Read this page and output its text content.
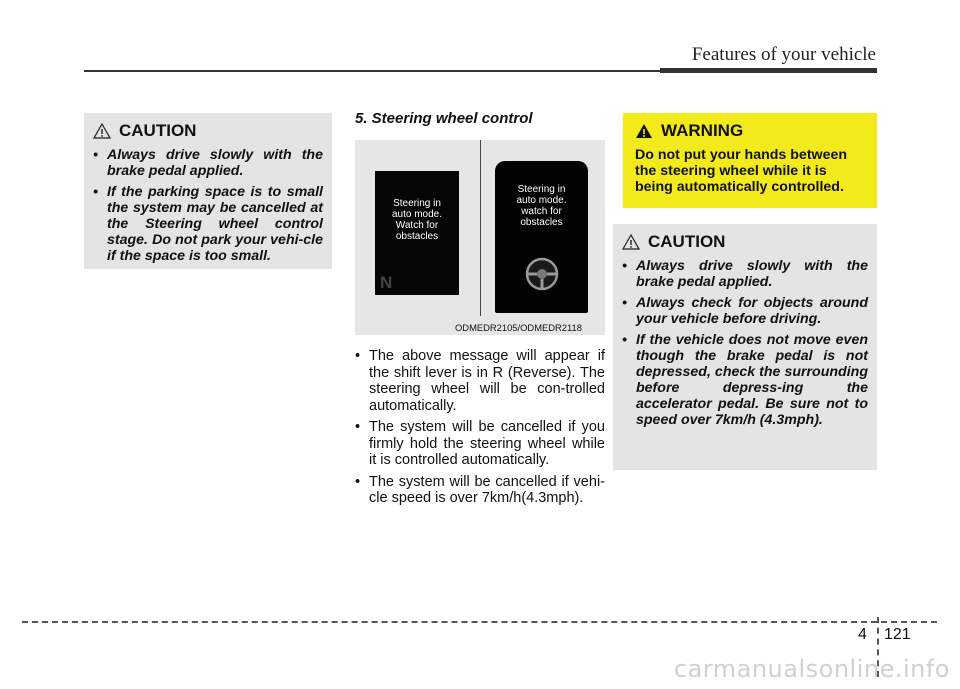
Features of your vehicle
CAUTION
• Always drive slowly with the brake pedal applied.
• If the parking space is to small the system may be cancelled at the Steering wheel control stage. Do not park your vehi-cle if the space is too small.
5. Steering wheel control
Steering in
auto mode.
Watch for
obstacles
N
Steering in
auto mode.
watch for
obstacles
ODMEDR2105/ODMEDR2118
• The above message will appear if the shift lever is in R (Reverse). The steering wheel will be con-trolled automatically.
• The system will be cancelled if you firmly hold the steering wheel while it is controlled automatically.
• The system will be cancelled if vehi-cle speed is over 7km/h(4.3mph).
WARNING
Do not put your hands between the steering wheel while it is being automatically controlled.
CAUTION
• Always drive slowly with the brake pedal applied.
• Always check for objects around your vehicle before driving.
• If the vehicle does not move even though the brake pedal is not depressed, check the surrounding before depress-ing the accelerator pedal. Be sure not to speed over 7km/h (4.3mph).
4 121
carmanualsonline.info
